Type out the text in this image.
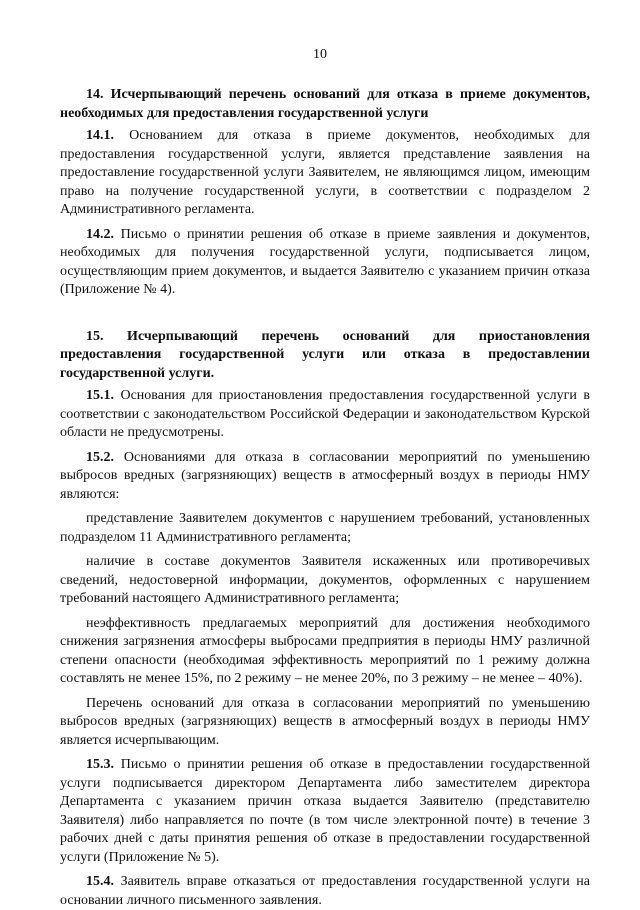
10

14. Исчерпывающий перечень оснований для отказа в приеме документов, необходимых для предоставления государственной услуги

14.1. Основанием для отказа в приеме документов, необходимых для предоставления государственной услуги, является представление заявления на предоставление государственной услуги Заявителем, не являющимся лицом, имеющим право на получение государственной услуги, в соответствии с подразделом 2 Административного регламента.

14.2. Письмо о принятии решения об отказе в приеме заявления и документов, необходимых для получения государственной услуги, подписывается лицом, осуществляющим прием документов, и выдается Заявителю с указанием причин отказа (Приложение № 4).

15. Исчерпывающий перечень оснований для приостановления предоставления государственной услуги или отказа в предоставлении государственной услуги.

15.1. Основания для приостановления предоставления государственной услуги в соответствии с законодательством Российской Федерации и законодательством Курской области не предусмотрены.

15.2. Основаниями для отказа в согласовании мероприятий по уменьшению выбросов вредных (загрязняющих) веществ в атмосферный воздух в периоды НМУ являются:

представление Заявителем документов с нарушением требований, установленных подразделом 11 Административного регламента;

наличие в составе документов Заявителя искаженных или противоречивых сведений, недостоверной информации, документов, оформленных с нарушением требований настоящего Административного регламента;

неэффективность предлагаемых мероприятий для достижения необходимого снижения загрязнения атмосферы выбросами предприятия в периоды НМУ различной степени опасности (необходимая эффективность мероприятий по 1 режиму должна составлять не менее 15%, по 2 режиму – не менее 20%, по 3 режиму – не менее – 40%).

Перечень оснований для отказа в согласовании мероприятий по уменьшению выбросов вредных (загрязняющих) веществ в атмосферный воздух в периоды НМУ является исчерпывающим.

15.3. Письмо о принятии решения об отказе в предоставлении государственной услуги подписывается директором Департамента либо заместителем директора Департамента с указанием причин отказа выдается Заявителю (представителю Заявителя) либо направляется по почте (в том числе электронной почте) в течение 3 рабочих дней с даты принятия решения об отказе в предоставлении государственной услуги (Приложение № 5).

15.4. Заявитель вправе отказаться от предоставления государственной услуги на основании личного письменного заявления.
